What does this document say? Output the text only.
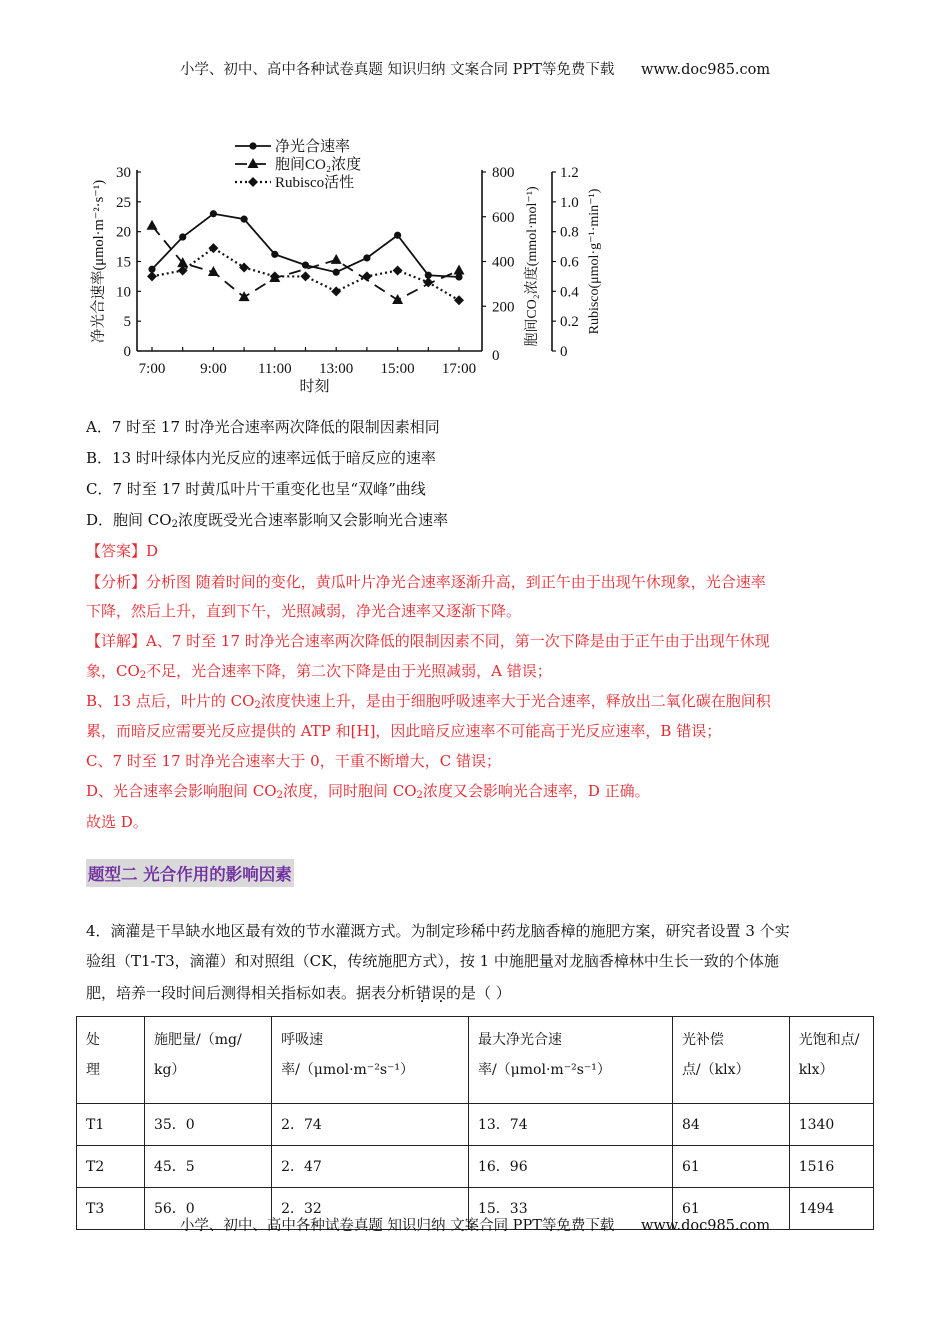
小学、初中、高中各种试卷真题 知识归纳 文案合同 PPT等免费下载 www.doc985.com
0
5
10
15
20
25
30
7:00 9:00 11:00 13:00 15:00 17:00
时刻
净光合速率(μmol·m⁻²·s⁻¹)
0
200
400
600
800
胞间CO₂浓度(mmol·mol⁻¹)
0
0.2
0.4
0.6
0.8
1.0
1.2
Rubisco(μmol·g⁻¹·min⁻¹)
净光合速率
胞间CO₂浓度
Rubisco活性
A．7 时至 17 时净光合速率两次降低的限制因素相同
B．13 时叶绿体内光反应的速率远低于暗反应的速率
C．7 时至 17 时黄瓜叶片干重变化也呈“双峰”曲线
D．胞间 $CO_2$浓度既受光合速率影响又会影响光合速率
【答案】D
【分析】分析图 随着时间的变化，黄瓜叶片净光合速率逐渐升高，到正午由于出现午休现象，光合速率
下降，然后上升，直到下午，光照减弱，净光合速率又逐渐下降。
【详解】A、7 时至 17 时净光合速率两次降低的限制因素不同，第一次下降是由于正午由于出现午休现
象，$CO_2$不足，光合速率下降，第二次下降是由于光照减弱，A 错误；
B、13 点后，叶片的 $CO_2$浓度快速上升，是由于细胞呼吸速率大于光合速率，释放出二氧化碳在胞间积
累，而暗反应需要光反应提供的 ATP 和[H]，因此暗反应速率不可能高于光反应速率，B 错误；
C、7 时至 17 时净光合速率大于 0，干重不断增大，C 错误；
D、光合速率会影响胞间 $CO_2$浓度，同时胞间 $CO_2$浓度又会影响光合速率，D 正确。
故选 D。
题型二 光合作用的影响因素
4．滴灌是干旱缺水地区最有效的节水灌溉方式。为制定珍稀中药龙脑香樟的施肥方案，研究者设置 3 个实
验组（T1-T3，滴灌）和对照组（CK，传统施肥方式），按 1 中施肥量对龙脑香樟林中生长一致的个体施
肥，培养一段时间后测得相关指标如表。据表分析错误 •   •的是（ ）
处
理

施肥量/（mg/
kg）

呼吸速
率/（μmol·m⁻²s⁻¹）

最大净光合速
率/（μmol·m⁻²s⁻¹）

光补偿
点/（klx）

光饱和点/
klx）

T1	35．0	2．74	13．74	84	1340
T2	45．5	2．47	16．96	61	1516
T3	56．0	2．32	15．33	61	1494
小学、初中、高中各种试卷真题 知识归纳 文案合同 PPT等免费下载 www.doc985.com
